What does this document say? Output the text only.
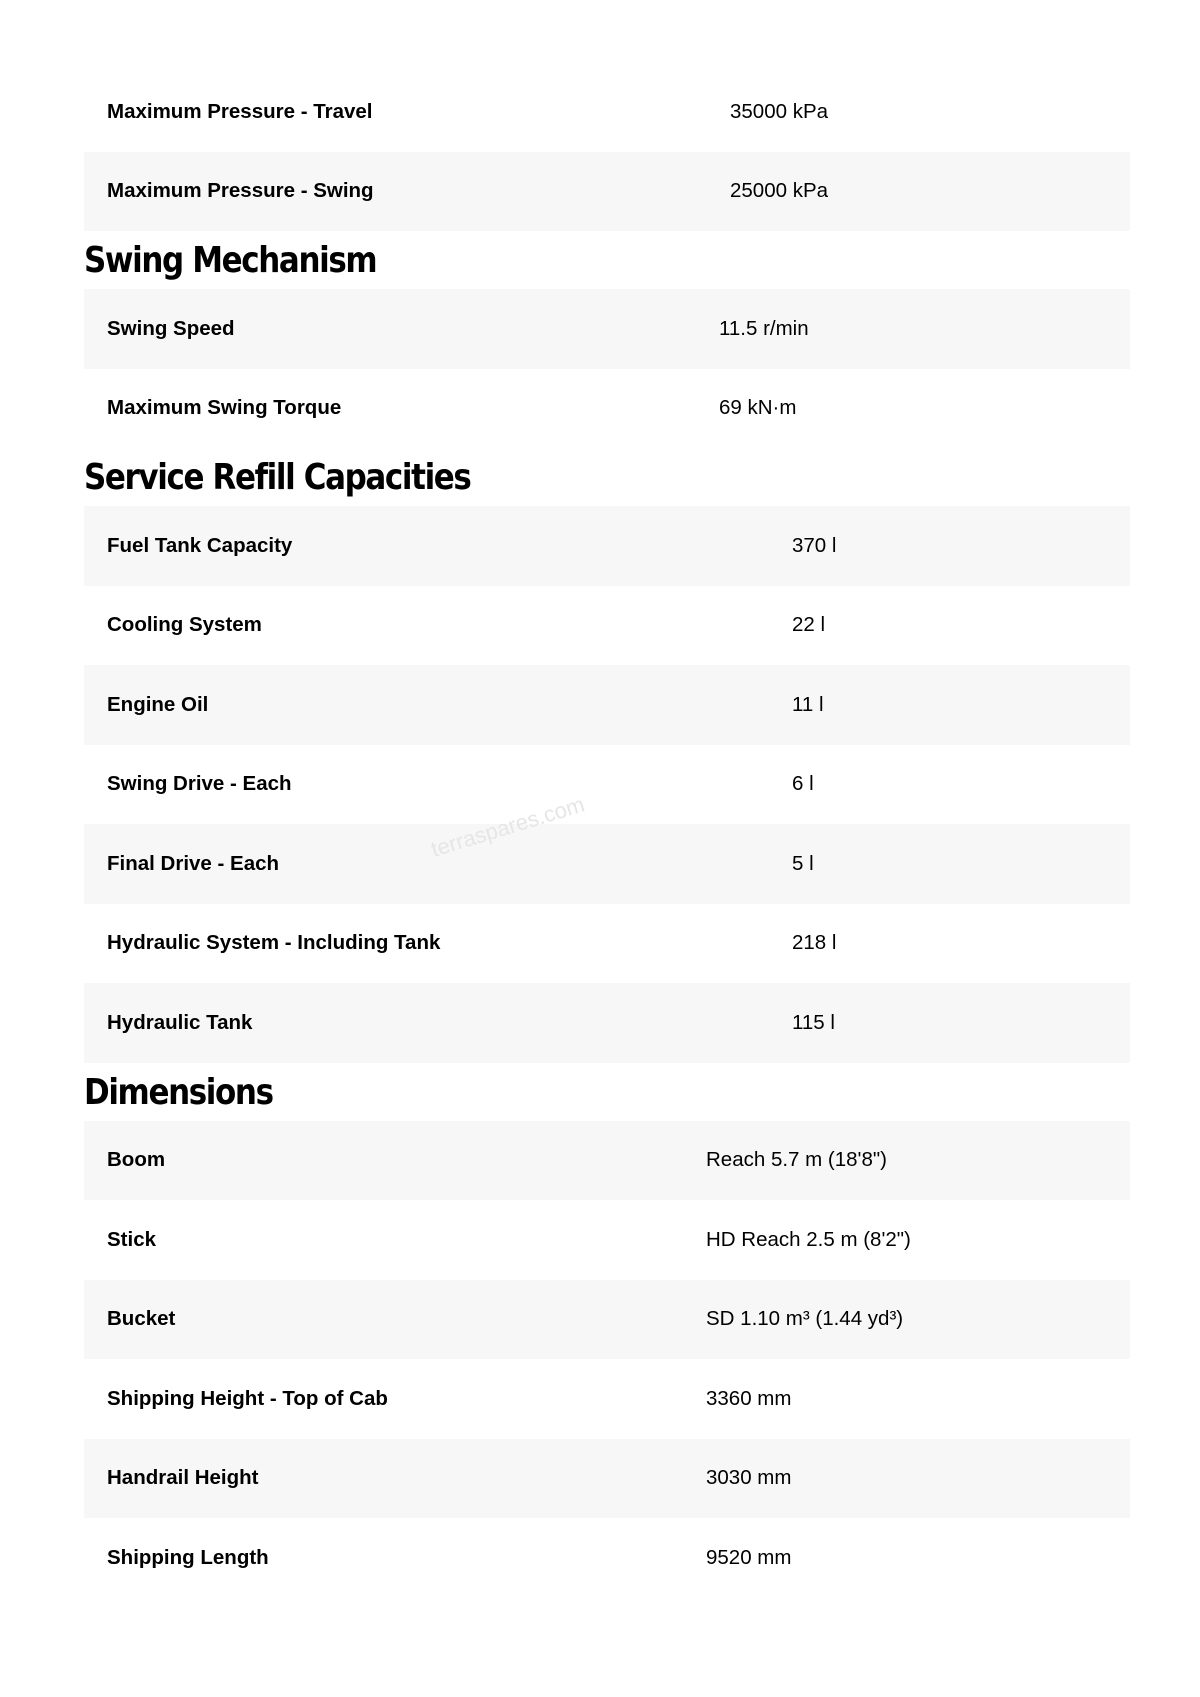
Maximum Pressure - Travel	35000 kPa
Maximum Pressure - Swing	25000 kPa
Swing Mechanism
Swing Speed	11.5 r/min
Maximum Swing Torque	69 kN·m
Service Refill Capacities
Fuel Tank Capacity	370 l
Cooling System	22 l
Engine Oil	11 l
Swing Drive - Each	6 l
Final Drive - Each	5 l
Hydraulic System - Including Tank	218 l
Hydraulic Tank	115 l
Dimensions
Boom	Reach 5.7 m (18'8")
Stick	HD Reach 2.5 m (8'2")
Bucket	SD 1.10 m³ (1.44 yd³)
Shipping Height - Top of Cab	3360 mm
Handrail Height	3030 mm
Shipping Length	9520 mm
terraspares.com
